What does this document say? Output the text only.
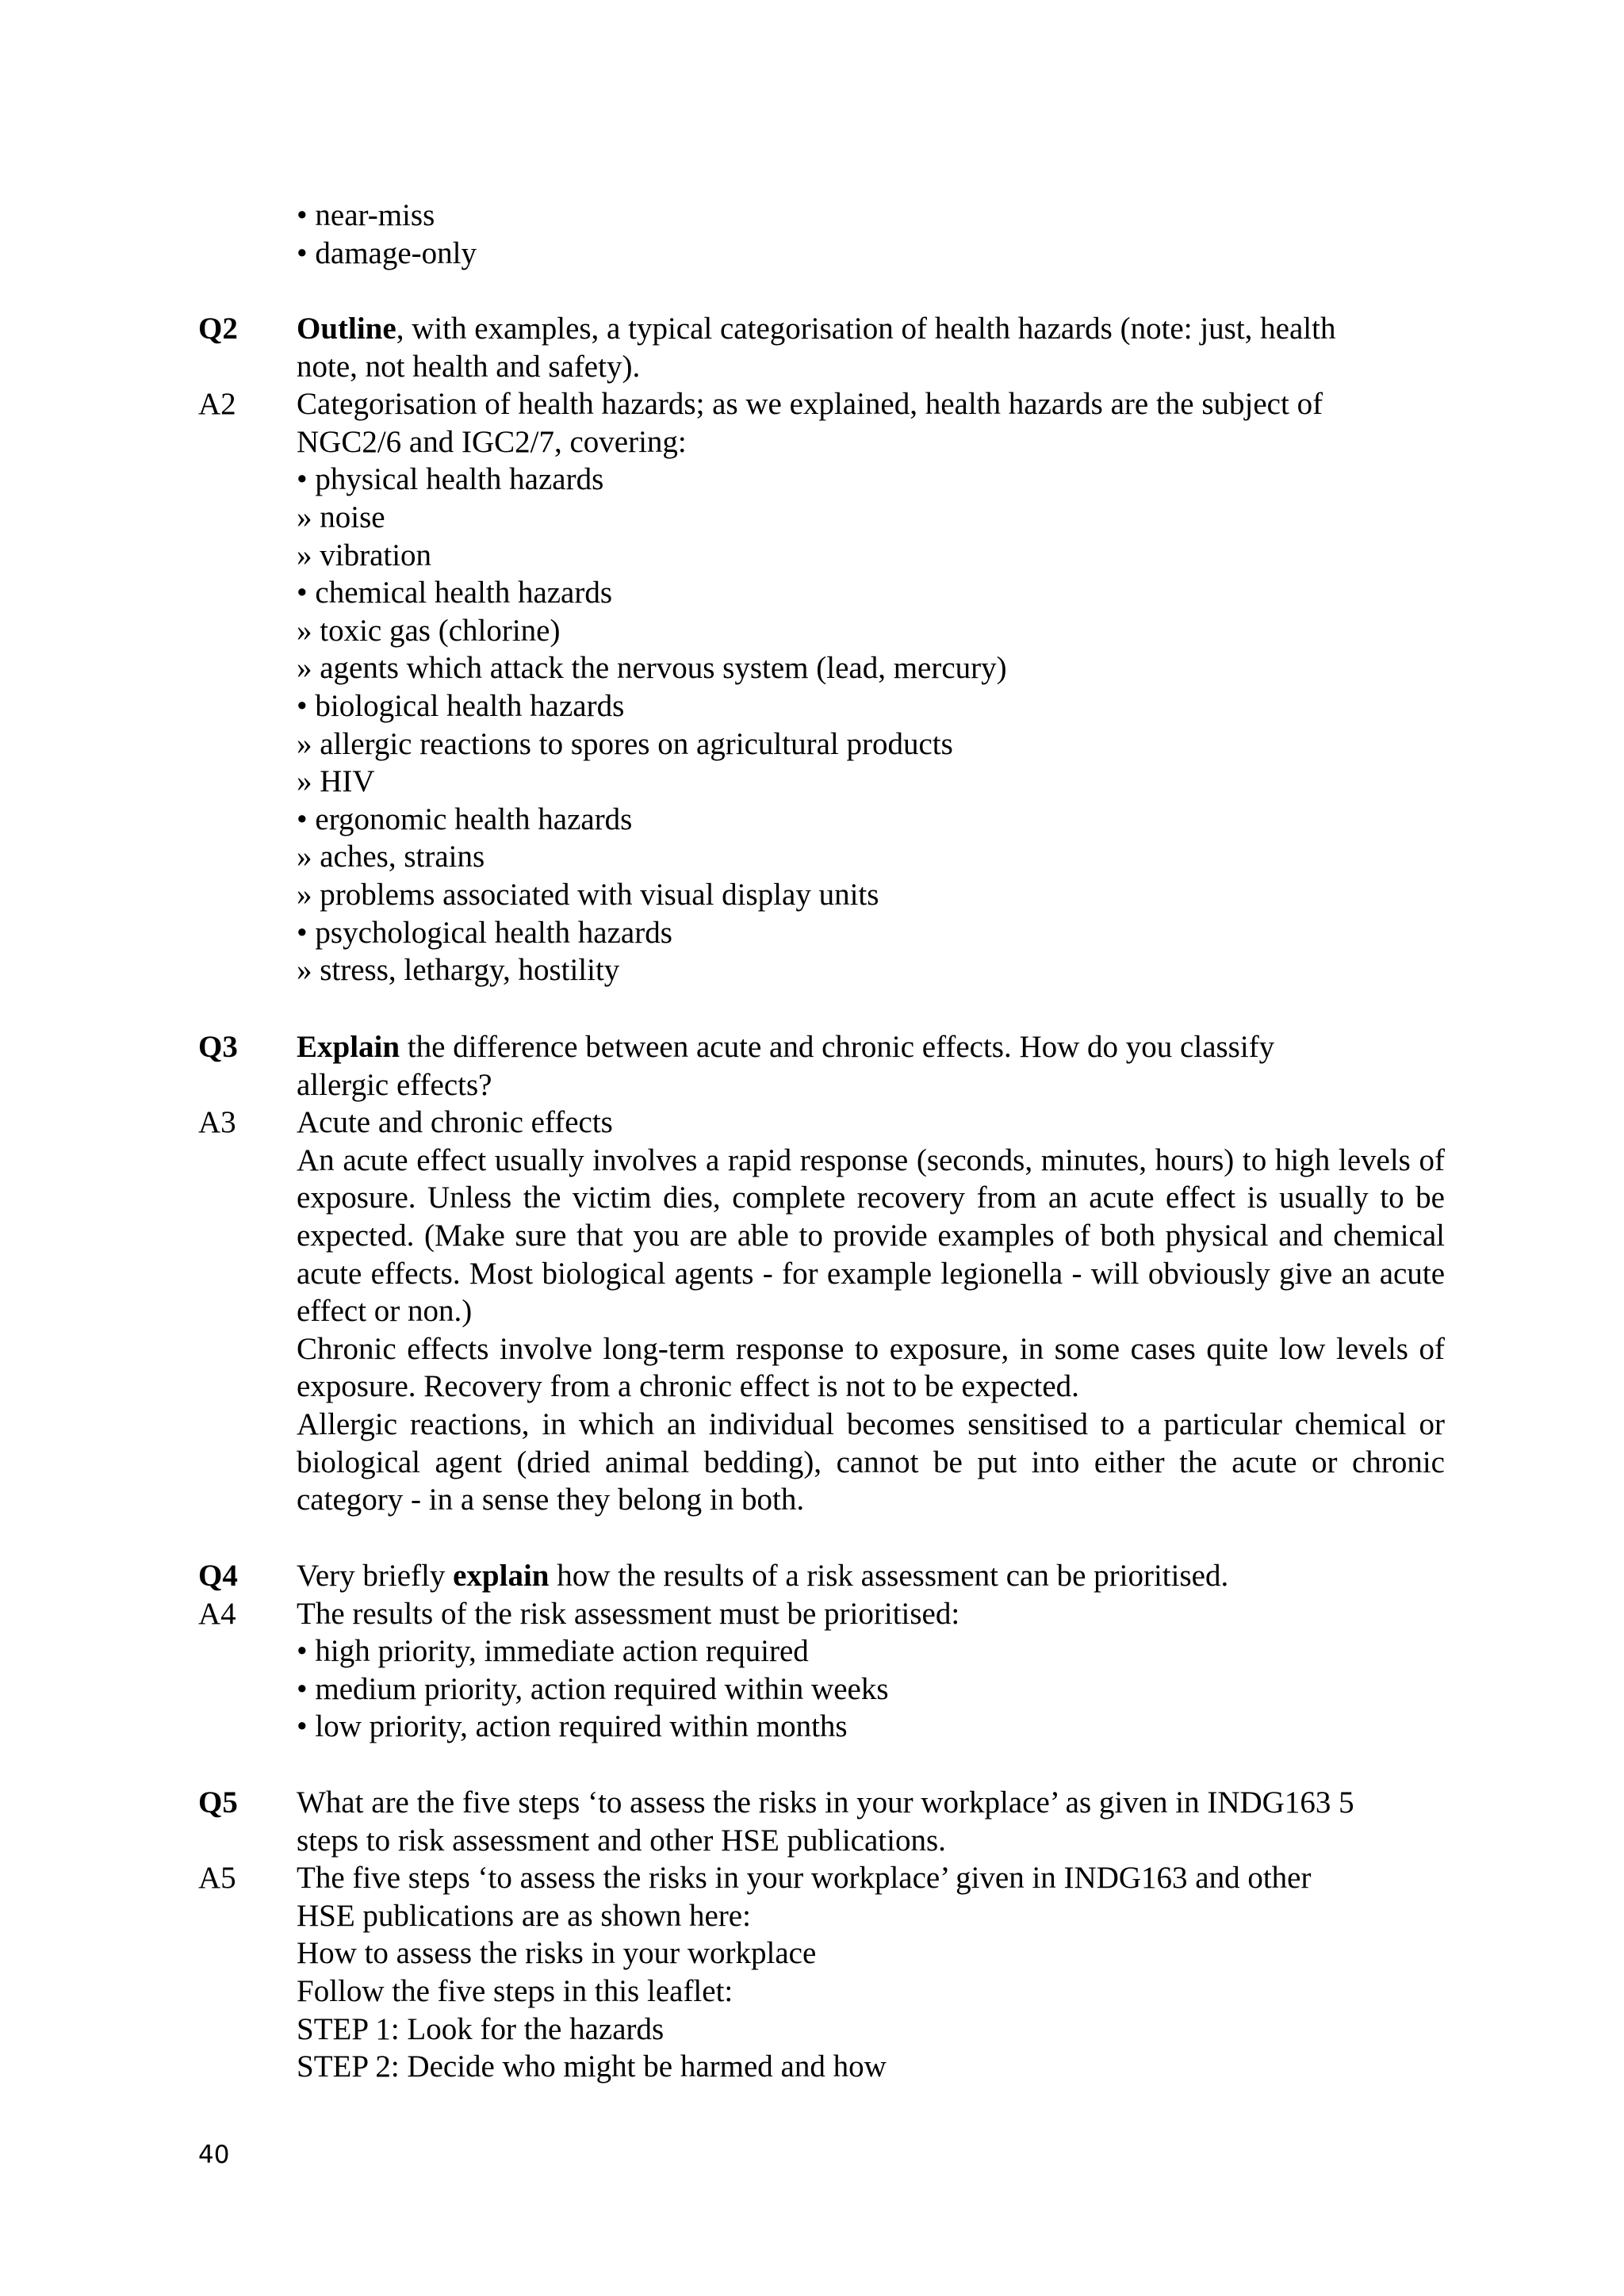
• near-miss
• damage-only
Q2	Outline, with examples, a typical categorisation of health hazards (note: just, health
note, not health and safety).
A2	Categorisation of health hazards; as we explained, health hazards are the subject of
NGC2/6 and IGC2/7, covering:
• physical health hazards
» noise
» vibration
• chemical health hazards
» toxic gas (chlorine)
» agents which attack the nervous system (lead, mercury)
• biological health hazards
» allergic reactions to spores on agricultural products
» HIV
• ergonomic health hazards
» aches, strains
» problems associated with visual display units
• psychological health hazards
» stress, lethargy, hostility
Q3	Explain the difference between acute and chronic effects. How do you classify
allergic effects?
A3	Acute and chronic effects
An acute effect usually involves a rapid response (seconds, minutes, hours) to high levels of exposure. Unless the victim dies, complete recovery from an acute effect is usually to be expected. (Make sure that you are able to provide examples of both physical and chemical acute effects. Most biological agents - for example legionella - will obviously give an acute effect or non.)
Chronic effects involve long-term response to exposure, in some cases quite low levels of exposure. Recovery from a chronic effect is not to be expected.
Allergic reactions, in which an individual becomes sensitised to a particular chemical or biological agent (dried animal bedding), cannot be put into either the acute or chronic category - in a sense they belong in both.
Q4	Very briefly explain how the results of a risk assessment can be prioritised.
A4	The results of the risk assessment must be prioritised:
• high priority, immediate action required
• medium priority, action required within weeks
• low priority, action required within months
Q5	What are the five steps ‘to assess the risks in your workplace’ as given in INDG163 5
steps to risk assessment and other HSE publications.
A5	The five steps ‘to assess the risks in your workplace’ given in INDG163 and other
HSE publications are as shown here:
How to assess the risks in your workplace
Follow the five steps in this leaflet:
STEP 1: Look for the hazards
STEP 2: Decide who might be harmed and how
40
